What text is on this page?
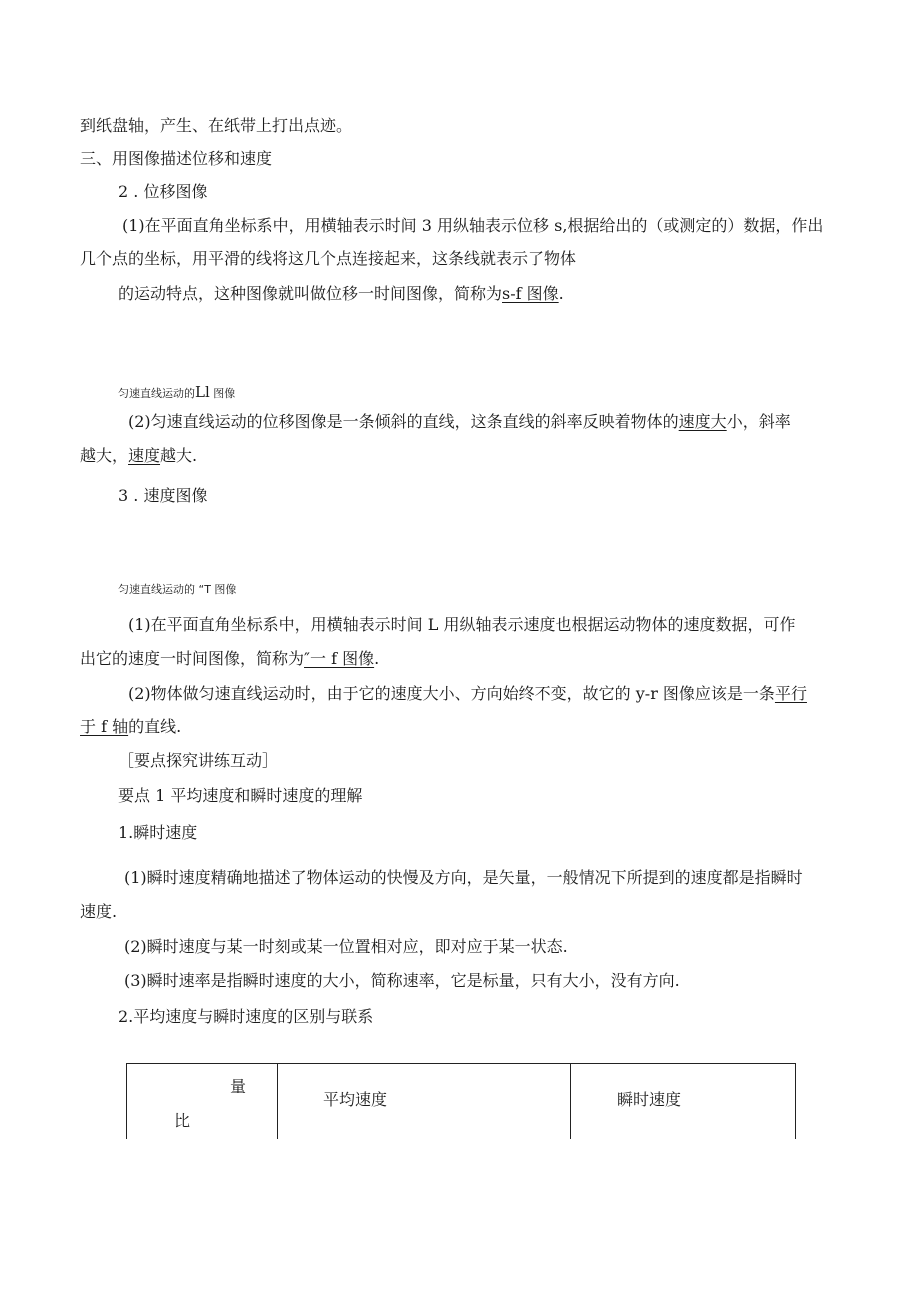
到纸盘轴，产生、在纸带上打出点迹。
三、用图像描述位移和速度
2 . 位移图像
(1)在平面直角坐标系中，用横轴表示时间 3 用纵轴表示位移 s,根据给出的（或测定的）数据，作出
几个点的坐标，用平滑的线将这几个点连接起来，这条线就表示了物体
的运动特点，这种图像就叫做位移一时间图像，简称为s-f 图像.
匀速直线运动的Ll 图像
(2)匀速直线运动的位移图像是一条倾斜的直线，这条直线的斜率反映着物体的速度大小，斜率
越大，速度越大.
3 . 速度图像
匀速直线运动的 “T 图像
(1)在平面直角坐标系中，用横轴表示时间 L 用纵轴表示速度也根据运动物体的速度数据，可作
出它的速度一时间图像，简称为″一 f 图像.
(2)物体做匀速直线运动时，由于它的速度大小、方向始终不变，故它的 y-r 图像应该是一条平行
于 f 轴的直线.
［要点探究讲练互动］
要点 1 平均速度和瞬时速度的理解
1.瞬时速度
(1)瞬时速度精确地描述了物体运动的快慢及方向，是矢量，一般情况下所提到的速度都是指瞬时
速度.
(2)瞬时速度与某一时刻或某一位置相对应，即对应于某一状态.
(3)瞬时速率是指瞬时速度的大小，简称速率，它是标量，只有大小，没有方向.
2.平均速度与瞬时速度的区别与联系
量
比
平均速度	瞬时速度
